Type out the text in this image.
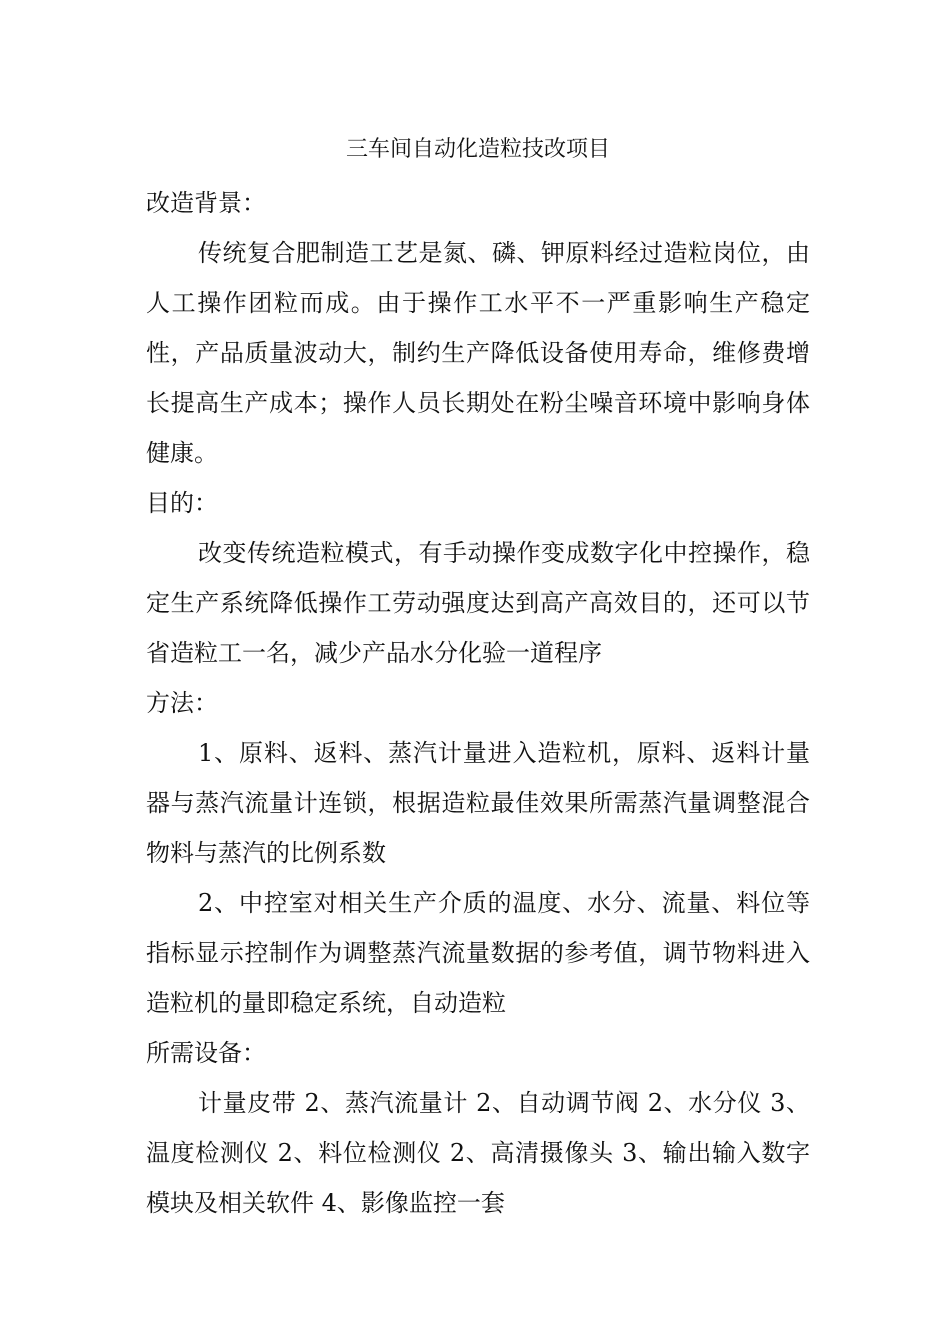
三车间自动化造粒技改项目
改造背景：

传统复合肥制造工艺是氮、磷、钾原料经过造粒岗位，由人工操作团粒而成。由于操作工水平不一严重影响生产稳定性，产品质量波动大，制约生产降低设备使用寿命，维修费增长提高生产成本；操作人员长期处在粉尘噪音环境中影响身体健康。

目的：

改变传统造粒模式，有手动操作变成数字化中控操作，稳定生产系统降低操作工劳动强度达到高产高效目的，还可以节省造粒工一名，减少产品水分化验一道程序

方法：

1、原料、返料、蒸汽计量进入造粒机，原料、返料计量器与蒸汽流量计连锁，根据造粒最佳效果所需蒸汽量调整混合物料与蒸汽的比例系数

2、中控室对相关生产介质的温度、水分、流量、料位等指标显示控制作为调整蒸汽流量数据的参考值，调节物料进入造粒机的量即稳定系统，自动造粒

所需设备：

计量皮带 2、蒸汽流量计 2、自动调节阀 2、水分仪 3、温度检测仪 2、料位检测仪 2、高清摄像头 3、输出输入数字模块及相关软件 4、影像监控一套
